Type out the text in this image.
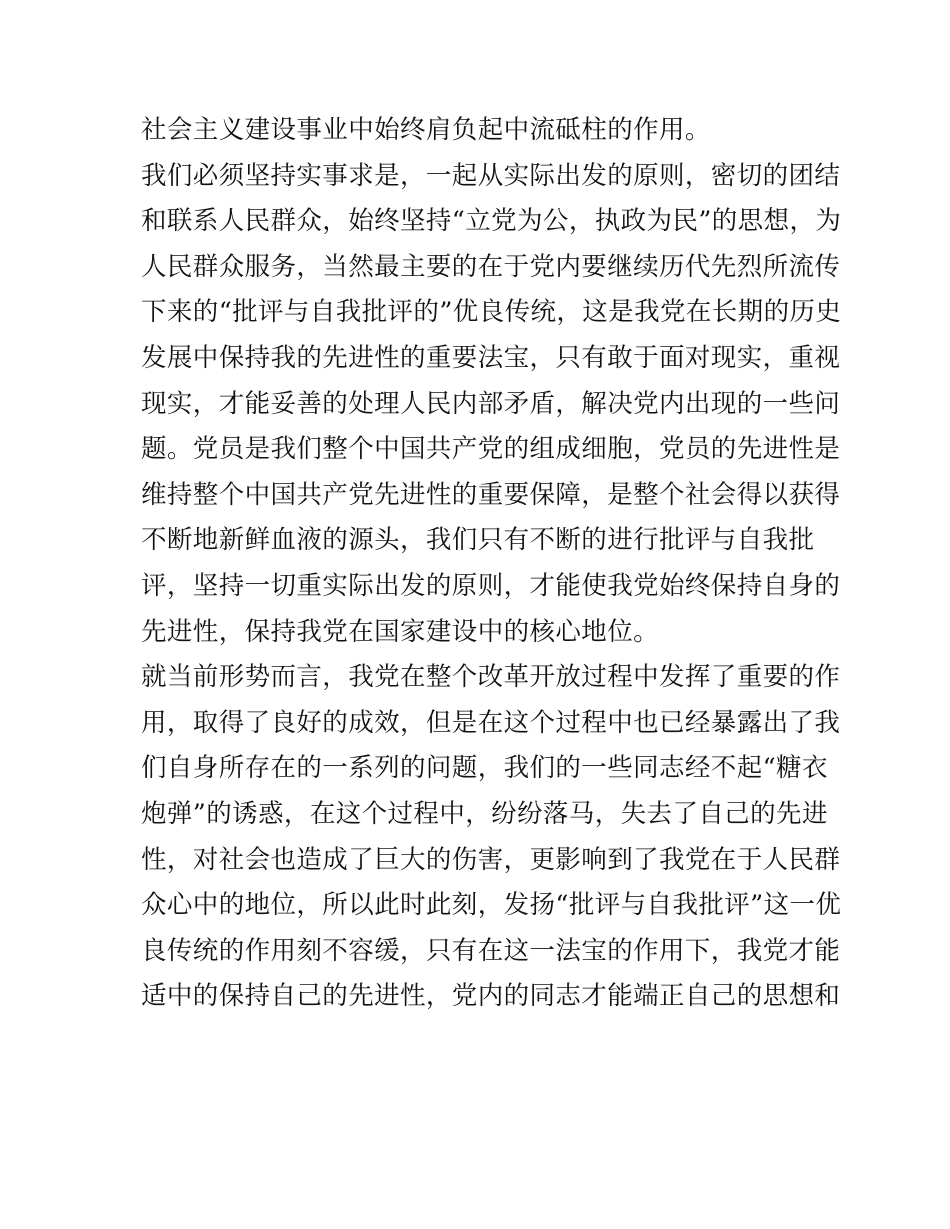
社会主义建设事业中始终肩负起中流砥柱的作用。
我们必须坚持实事求是，一起从实际出发的原则，密切的团结
和联系人民群众，始终坚持“立党为公，执政为民”的思想，为
人民群众服务，当然最主要的在于党内要继续历代先烈所流传
下来的“批评与自我批评的”优良传统，这是我党在长期的历史
发展中保持我的先进性的重要法宝，只有敢于面对现实，重视
现实，才能妥善的处理人民内部矛盾，解决党内出现的一些问
题。党员是我们整个中国共产党的组成细胞，党员的先进性是
维持整个中国共产党先进性的重要保障，是整个社会得以获得
不断地新鲜血液的源头，我们只有不断的进行批评与自我批
评，坚持一切重实际出发的原则，才能使我党始终保持自身的
先进性，保持我党在国家建设中的核心地位。
就当前形势而言，我党在整个改革开放过程中发挥了重要的作
用，取得了良好的成效，但是在这个过程中也已经暴露出了我
们自身所存在的一系列的问题，我们的一些同志经不起“糖衣
炮弹”的诱惑，在这个过程中，纷纷落马，失去了自己的先进
性，对社会也造成了巨大的伤害，更影响到了我党在于人民群
众心中的地位，所以此时此刻，发扬“批评与自我批评”这一优
良传统的作用刻不容缓，只有在这一法宝的作用下，我党才能
适中的保持自己的先进性，党内的同志才能端正自己的思想和
